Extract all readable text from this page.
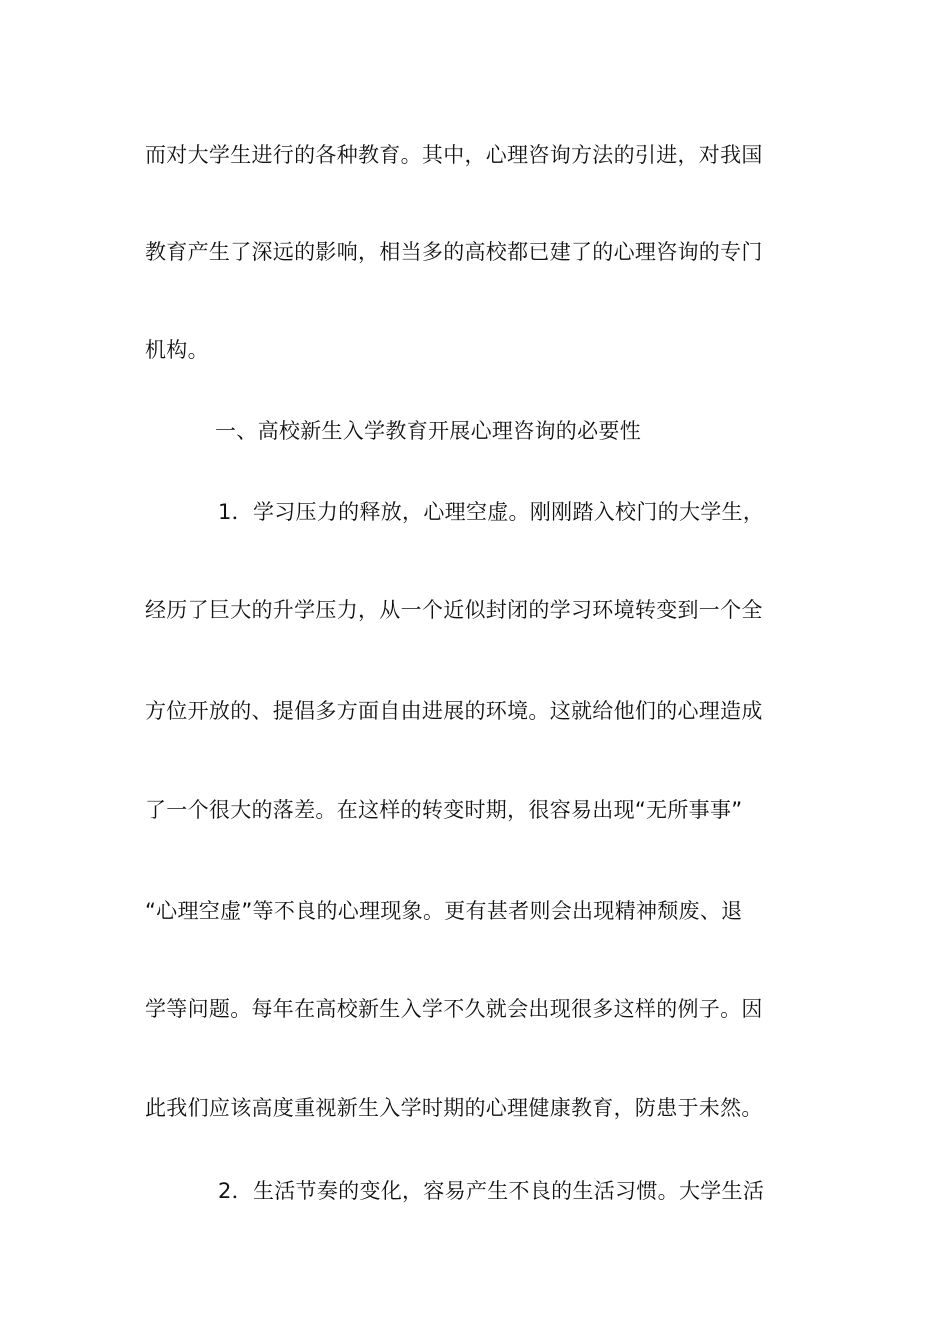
而对大学生进行的各种教育。其中，心理咨询方法的引进，对我国
教育产生了深远的影响，相当多的高校都已建了的心理咨询的专门
机构。
一、高校新生入学教育开展心理咨询的必要性
1．学习压力的释放，心理空虚。刚刚踏入校门的大学生，
经历了巨大的升学压力，从一个近似封闭的学习环境转变到一个全
方位开放的、提倡多方面自由进展的环境。这就给他们的心理造成
了一个很大的落差。在这样的转变时期，很容易出现“无所事事”
“心理空虚”等不良的心理现象。更有甚者则会出现精神颓废、退
学等问题。每年在高校新生入学不久就会出现很多这样的例子。因
此我们应该高度重视新生入学时期的心理健康教育，防患于未然。
2．生活节奏的变化，容易产生不良的生活习惯。大学生活
